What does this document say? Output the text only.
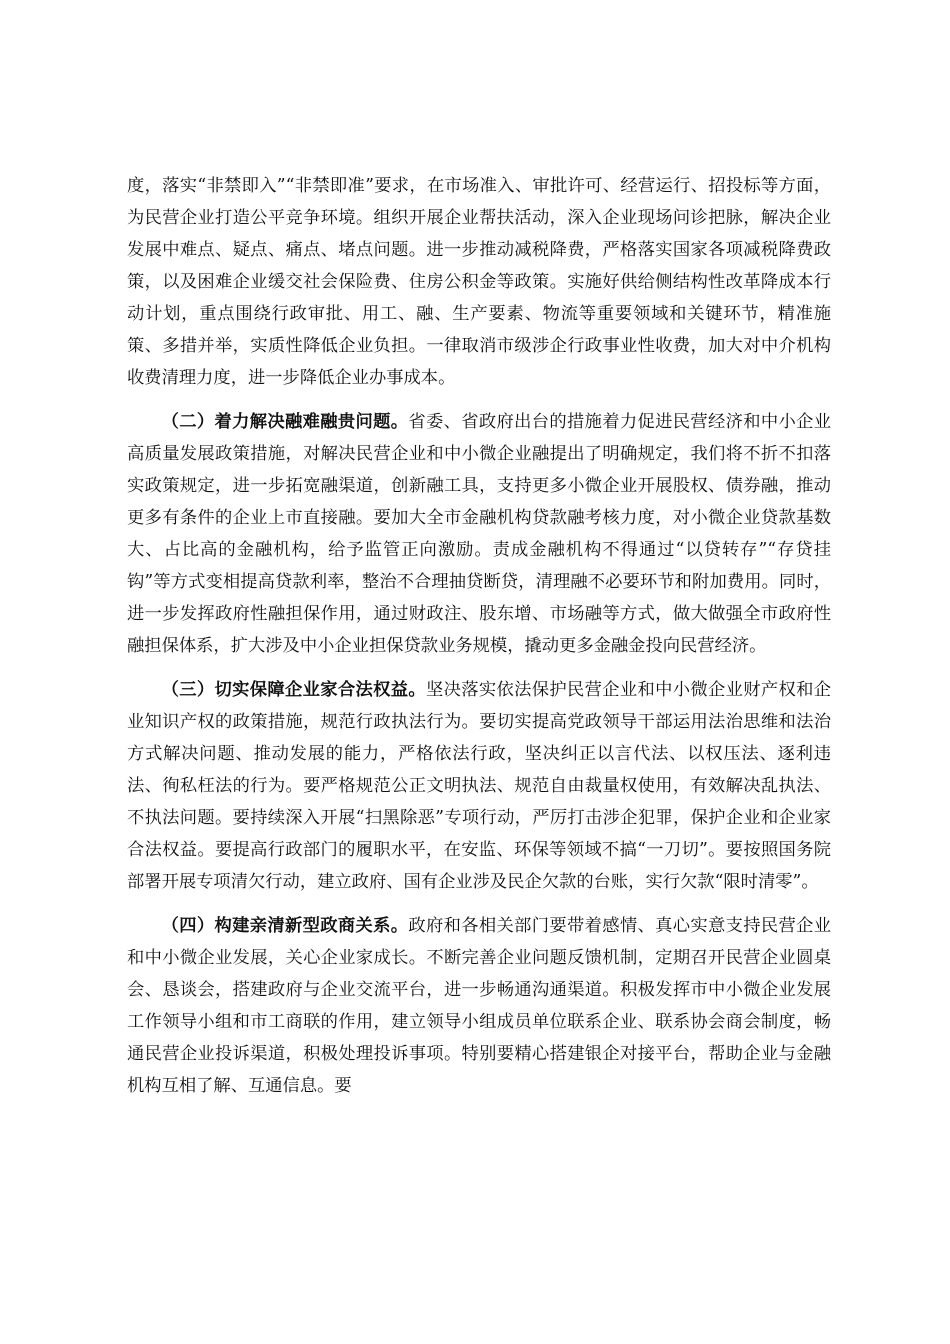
度，落实“非禁即入”“非禁即准”要求，在市场准入、审批许可、经营运行、招投标等方面，为民营企业打造公平竞争环境。组织开展企业帮扶活动，深入企业现场问诊把脉，解决企业发展中难点、疑点、痛点、堵点问题。进一步推动减税降费，严格落实国家各项减税降费政策，以及困难企业缓交社会保险费、住房公积金等政策。实施好供给侧结构性改革降成本行动计划，重点围绕行政审批、用工、融、生产要素、物流等重要领域和关键环节，精准施策、多措并举，实质性降低企业负担。一律取消市级涉企行政事业性收费，加大对中介机构收费清理力度，进一步降低企业办事成本。

（二）着力解决融难融贵问题。省委、省政府出台的措施着力促进民营经济和中小企业高质量发展政策措施，对解决民营企业和中小微企业融提出了明确规定，我们将不折不扣落实政策规定，进一步拓宽融渠道，创新融工具，支持更多小微企业开展股权、债券融，推动更多有条件的企业上市直接融。要加大全市金融机构贷款融考核力度，对小微企业贷款基数大、占比高的金融机构，给予监管正向激励。责成金融机构不得通过“以贷转存”“存贷挂钩”等方式变相提高贷款利率，整治不合理抽贷断贷，清理融不必要环节和附加费用。同时，进一步发挥政府性融担保作用，通过财政注、股东增、市场融等方式，做大做强全市政府性融担保体系，扩大涉及中小企业担保贷款业务规模，撬动更多金融金投向民营经济。

（三）切实保障企业家合法权益。坚决落实依法保护民营企业和中小微企业财产权和企业知识产权的政策措施，规范行政执法行为。要切实提高党政领导干部运用法治思维和法治方式解决问题、推动发展的能力，严格依法行政，坚决纠正以言代法、以权压法、逐利违法、徇私枉法的行为。要严格规范公正文明执法、规范自由裁量权使用，有效解决乱执法、不执法问题。要持续深入开展“扫黑除恶”专项行动，严厉打击涉企犯罪，保护企业和企业家合法权益。要提高行政部门的履职水平，在安监、环保等领域不搞“一刀切”。要按照国务院部署开展专项清欠行动，建立政府、国有企业涉及民企欠款的台账，实行欠款“限时清零”。

（四）构建亲清新型政商关系。政府和各相关部门要带着感情、真心实意支持民营企业和中小微企业发展，关心企业家成长。不断完善企业问题反馈机制，定期召开民营企业圆桌会、恳谈会，搭建政府与企业交流平台，进一步畅通沟通渠道。积极发挥市中小微企业发展工作领导小组和市工商联的作用，建立领导小组成员单位联系企业、联系协会商会制度，畅通民营企业投诉渠道，积极处理投诉事项。特别要精心搭建银企对接平台，帮助企业与金融机构互相了解、互通信息。要
